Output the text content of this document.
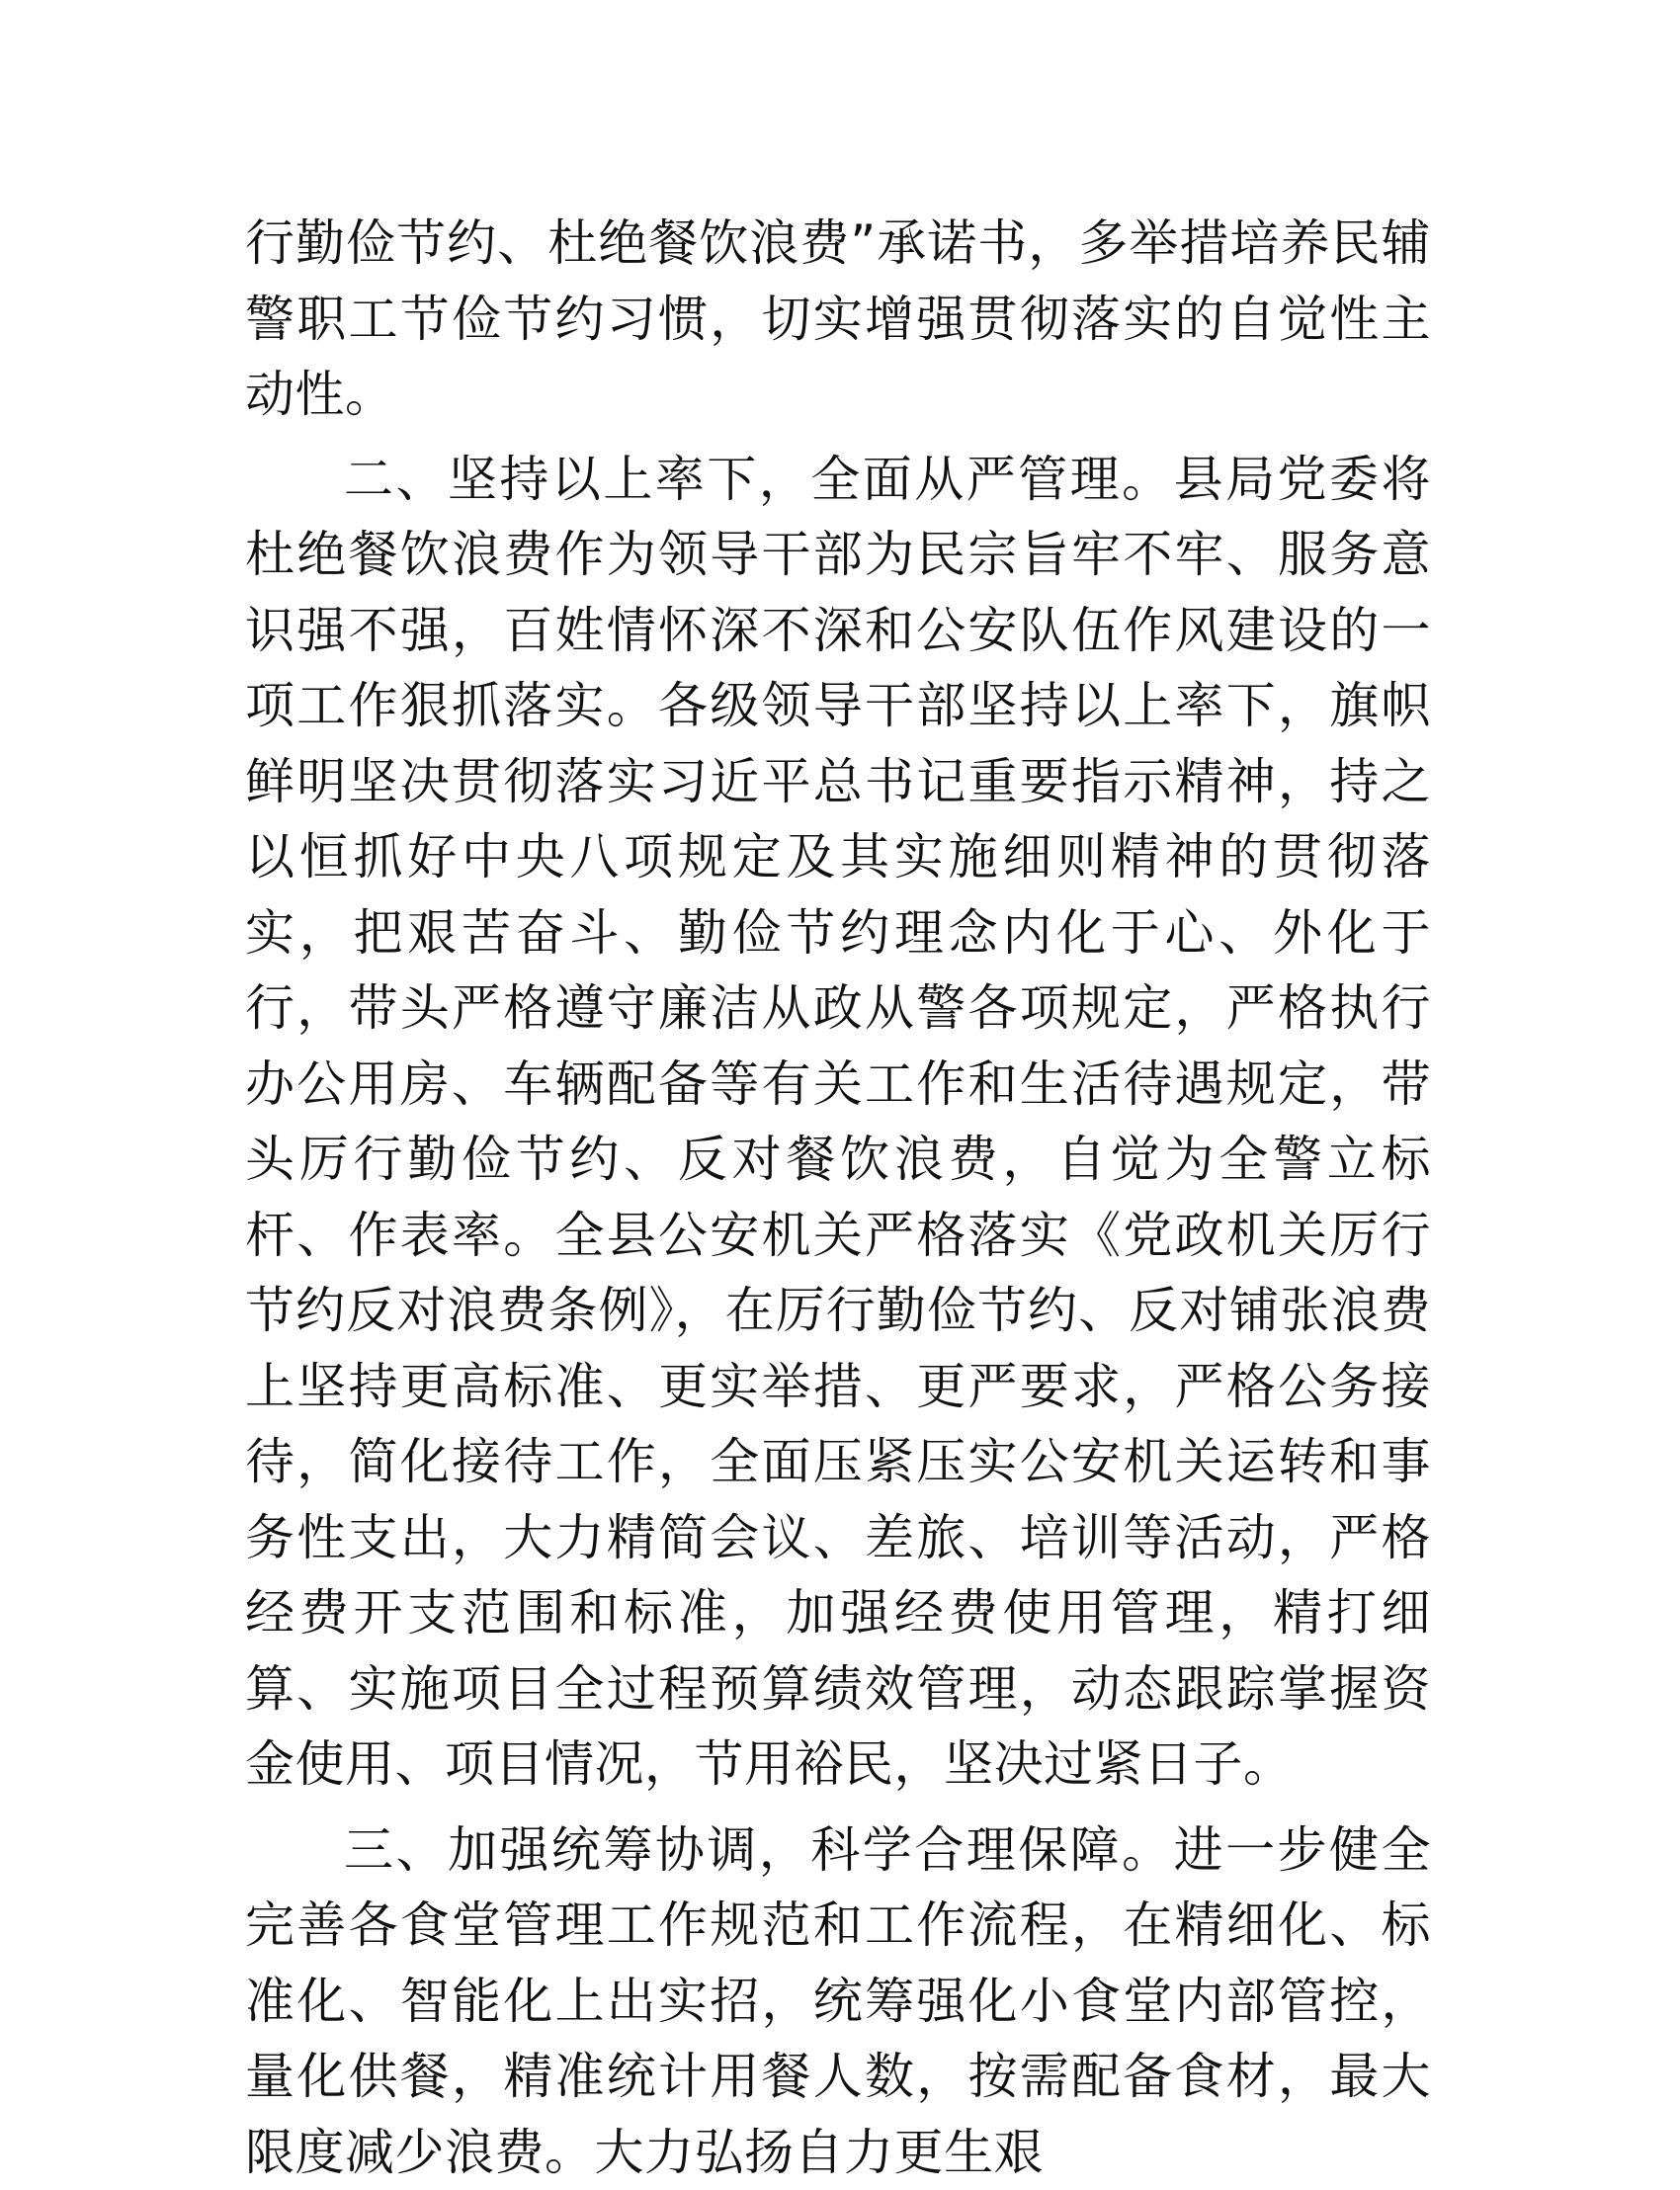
行勤俭节约、杜绝餐饮浪费”承诺书，多举措培养民辅警职工节俭节约习惯，切实增强贯彻落实的自觉性主动性。

二、坚持以上率下，全面从严管理。县局党委将杜绝餐饮浪费作为领导干部为民宗旨牢不牢、服务意识强不强，百姓情怀深不深和公安队伍作风建设的一项工作狠抓落实。各级领导干部坚持以上率下，旗帜鲜明坚决贯彻落实习近平总书记重要指示精神，持之以恒抓好中央八项规定及其实施细则精神的贯彻落实，把艰苦奋斗、勤俭节约理念内化于心、外化于行，带头严格遵守廉洁从政从警各项规定，严格执行办公用房、车辆配备等有关工作和生活待遇规定，带头厉行勤俭节约、反对餐饮浪费，自觉为全警立标杆、作表率。全县公安机关严格落实《党政机关厉行节约反对浪费条例》，在厉行勤俭节约、反对铺张浪费上坚持更高标准、更实举措、更严要求，严格公务接待，简化接待工作，全面压紧压实公安机关运转和事务性支出，大力精简会议、差旅、培训等活动，严格经费开支范围和标准，加强经费使用管理，精打细算、实施项目全过程预算绩效管理，动态跟踪掌握资金使用、项目情况，节用裕民，坚决过紧日子。

三、加强统筹协调，科学合理保障。进一步健全完善各食堂管理工作规范和工作流程，在精细化、标准化、智能化上出实招，统筹强化小食堂内部管控，量化供餐，精准统计用餐人数，按需配备食材，最大限度减少浪费。大力弘扬自力更生艰
